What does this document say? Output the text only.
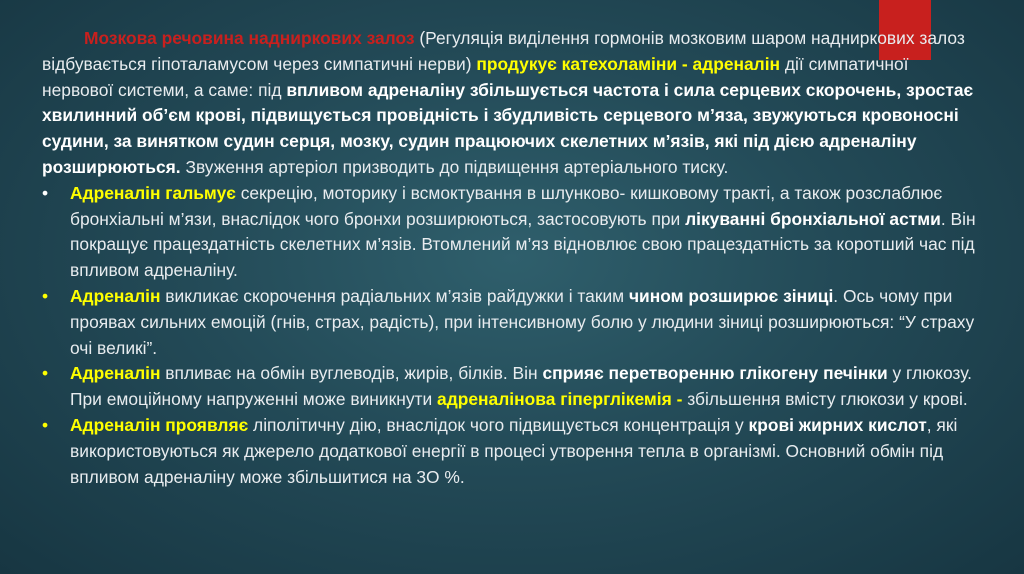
Мозкова речовина надниркових залоз (Регуляція виділення гормонів мозковим шаром надниркових залоз відбувається гіпоталамусом через симпатичні нерви) продукує катехоламіни - адреналін дії симпатичної нервової системи, а саме: під впливом адреналіну збільшується частота і сила серцевих скорочень, зростає хвилинний об’єм крові, підвищується провідність і збудливість серцевого м’яза, звужуються кровоносні судини, за винятком судин серця, мозку, судин працюючих скелетних м’язів, які під дією адреналіну розширюються. Звуження артеріол призводить до підвищення артеріального тиску.

• Адреналін гальмує секрецію, моторику і всмоктування в шлунково- кишковому тракті, а також розслаблює бронхіальні м’язи, внаслідок чого бронхи розширюються, застосовують при лікуванні бронхіальної астми. Він покращує працездатність скелетних м’язів. Втомлений м’яз відновлює свою працездатність за коротший час під впливом адреналіну.

• Адреналін викликає скорочення радіальних м’язів райдужки і таким чином розширює зіниці. Ось чому при проявах сильних емоцій (гнів, страх, радість), при інтенсивному болю у людини зіниці розширюються: “У страху очі великі”.

• Адреналін впливає на обмін вуглеводів, жирів, білків. Він сприяє перетворенню глікогену печінки у глюкозу. При емоційному напруженні може виникнути адреналінова гіперглікемія - збільшення вмісту глюкози у крові.

• Адреналін проявляє ліполітичну дію, внаслідок чого підвищується концентрація у крові жирних кислот, які використовуються як джерело додаткової енергії в процесі утворення тепла в організмі. Основний обмін під впливом адреналіну може збільшитися на 3О %.
